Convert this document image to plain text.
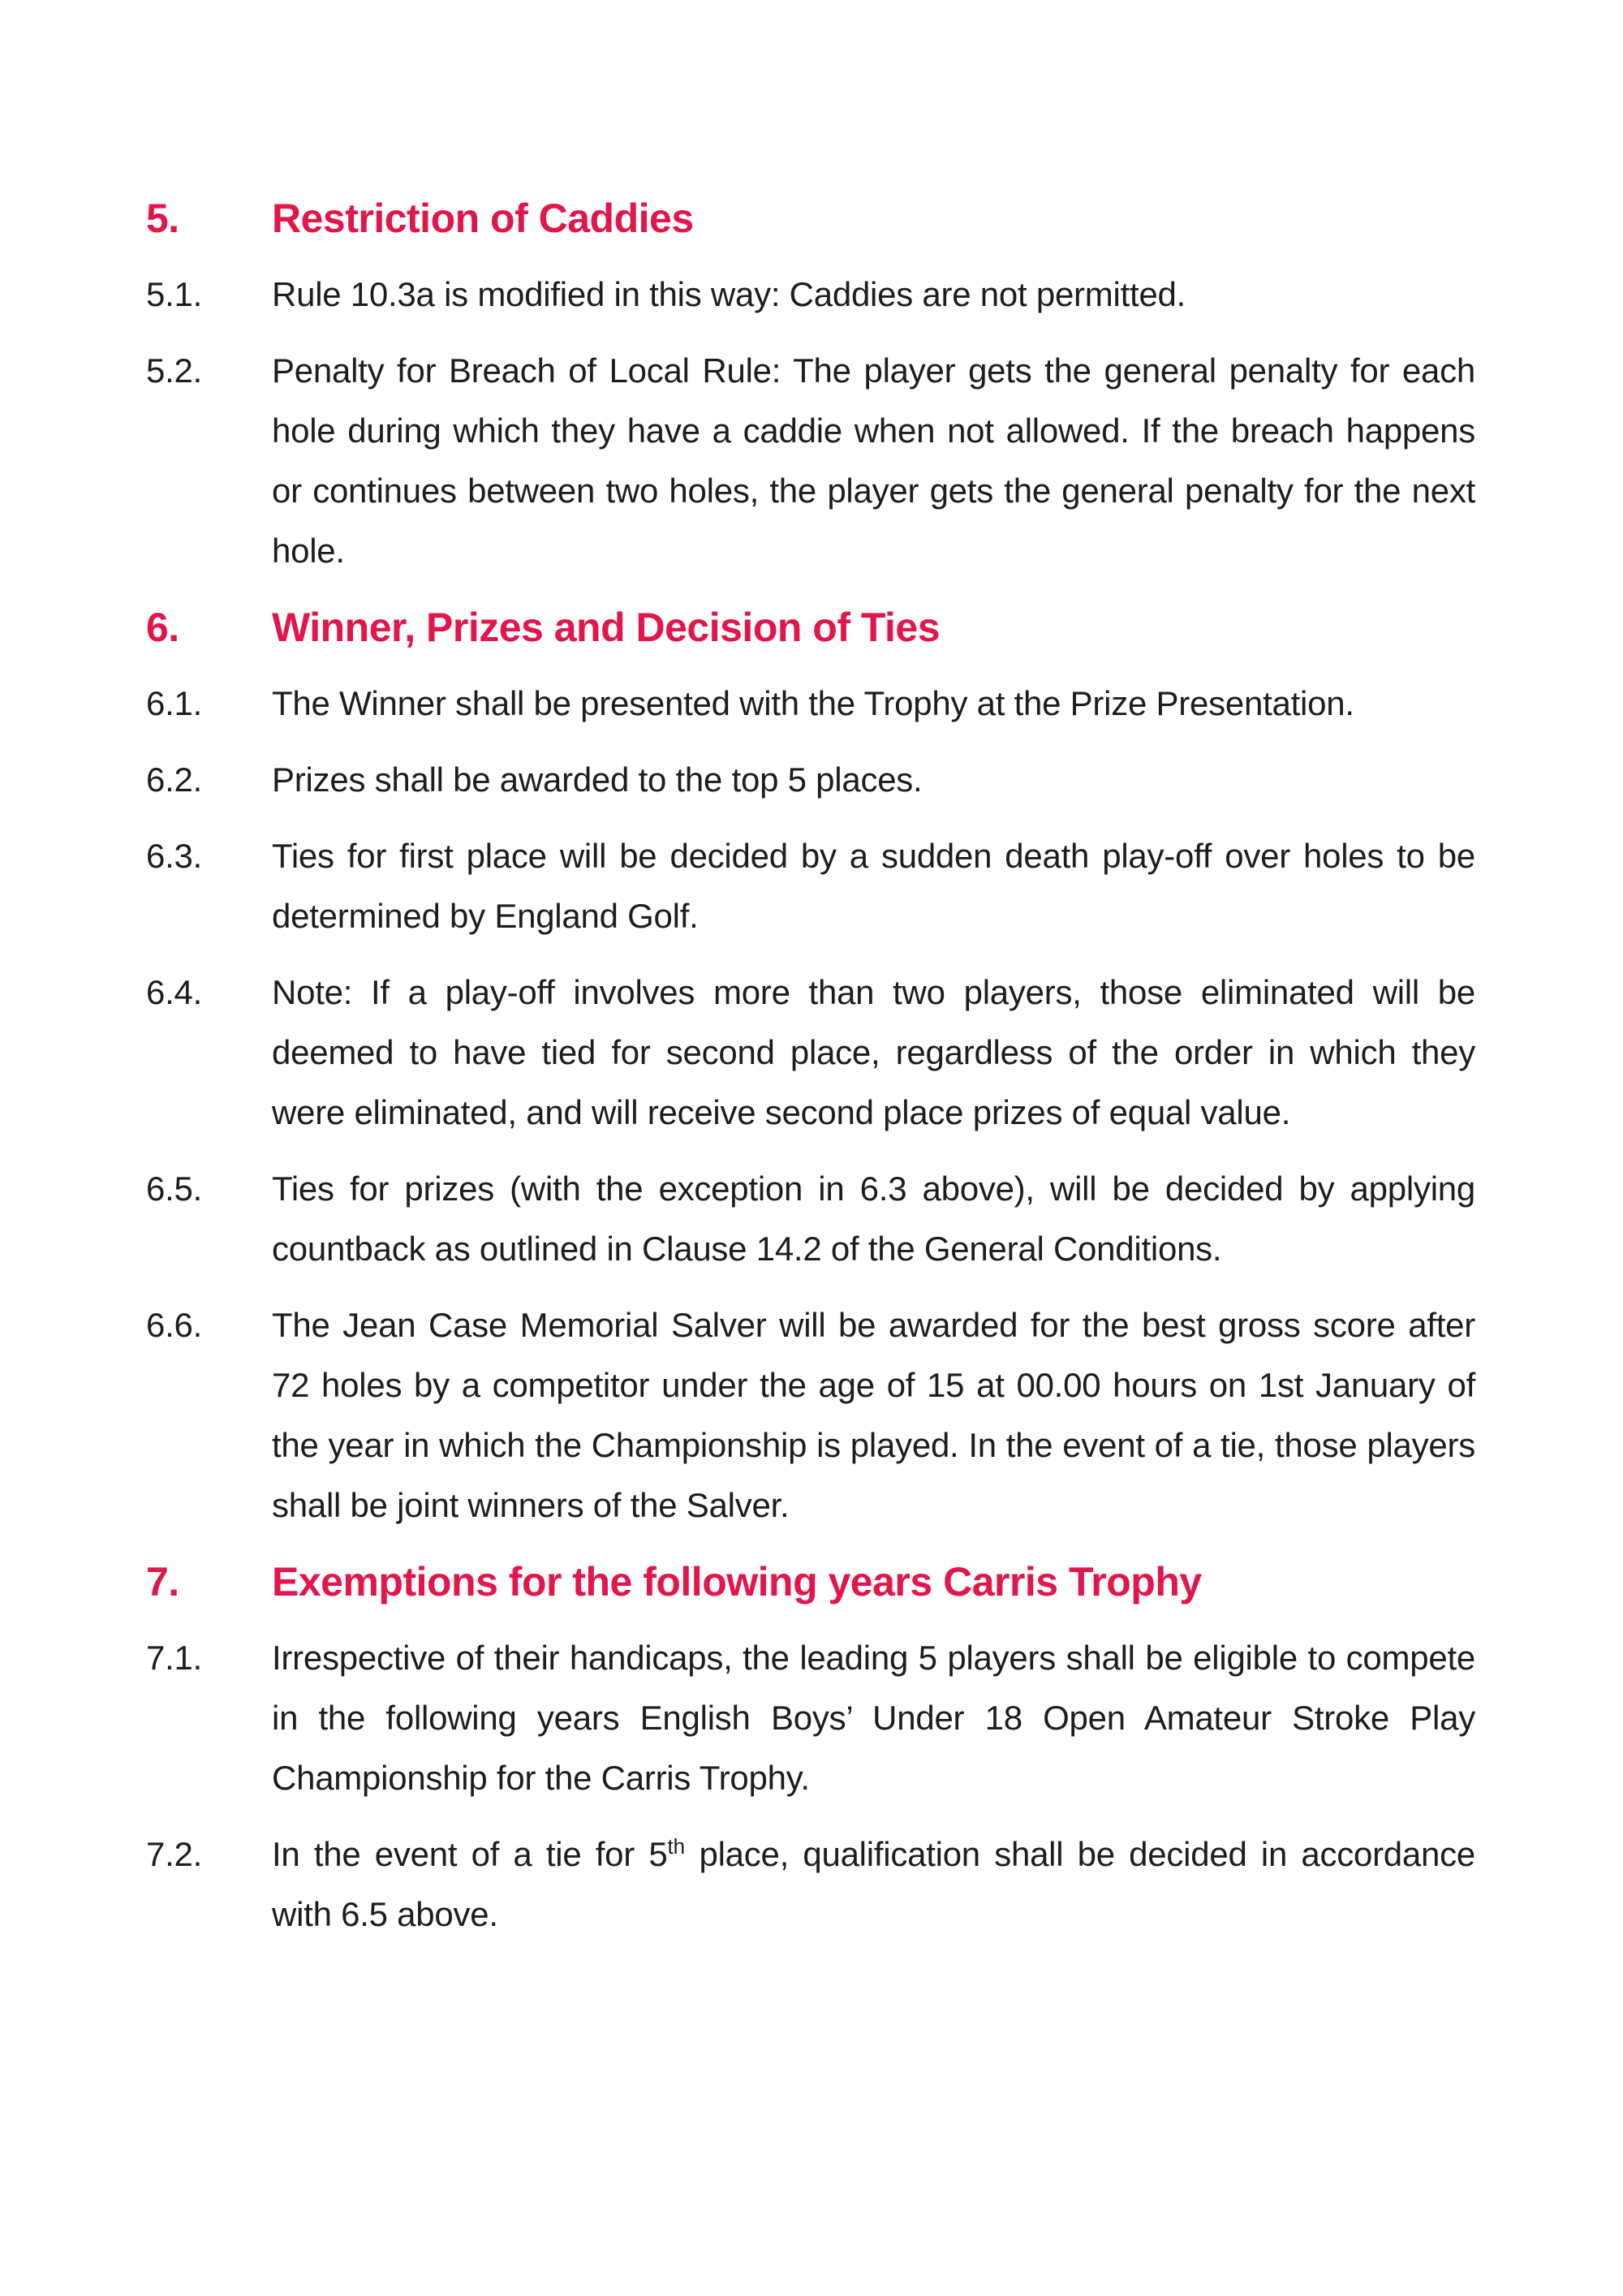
5.	Restriction of Caddies
5.1.	Rule 10.3a is modified in this way: Caddies are not permitted.

5.2.	Penalty for Breach of Local Rule: The player gets the general penalty for each hole during which they have a caddie when not allowed. If the breach happens or continues between two holes, the player gets the general penalty for the next hole.

6.	Winner, Prizes and Decision of Ties
6.1.	The Winner shall be presented with the Trophy at the Prize Presentation.

6.2.	Prizes shall be awarded to the top 5 places.

6.3.	Ties for first place will be decided by a sudden death play-off over holes to be determined by England Golf.

6.4.	Note: If a play-off involves more than two players, those eliminated will be deemed to have tied for second place, regardless of the order in which they were eliminated, and will receive second place prizes of equal value.

6.5.	Ties for prizes (with the exception in 6.3 above), will be decided by applying countback as outlined in Clause 14.2 of the General Conditions.

6.6.	The Jean Case Memorial Salver will be awarded for the best gross score after 72 holes by a competitor under the age of 15 at 00.00 hours on 1st January of the year in which the Championship is played. In the event of a tie, those players shall be joint winners of the Salver.

7.	Exemptions for the following years Carris Trophy
7.1.	Irrespective of their handicaps, the leading 5 players shall be eligible to compete in the following years English Boys’ Under 18 Open Amateur Stroke Play Championship for the Carris Trophy.

7.2.	In the event of a tie for 5th place, qualification shall be decided in accordance with 6.5 above.
